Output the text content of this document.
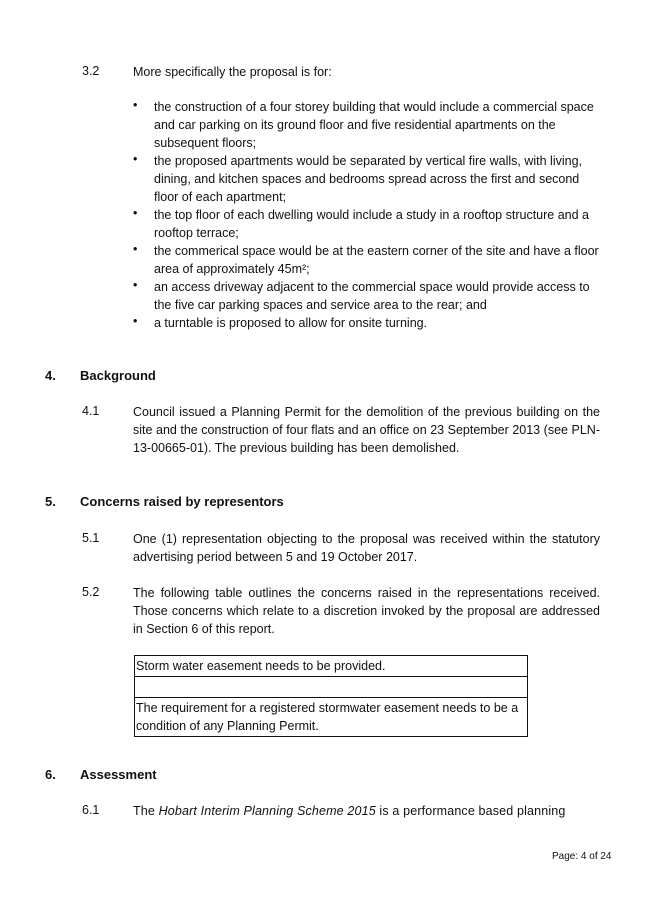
3.2	More specifically the proposal is for:
• the construction of a four storey building that would include a commercial space and car parking on its ground floor and five residential apartments on the subsequent floors;
• the proposed apartments would be separated by vertical fire walls, with living, dining, and kitchen spaces and bedrooms spread across the first and second floor of each apartment;
• the top floor of each dwelling would include a study in a rooftop structure and a rooftop terrace;
• the commerical space would be at the eastern corner of the site and have a floor area of approximately 45m²;
• an access driveway adjacent to the commercial space would provide access to the five car parking spaces and service area to the rear; and
• a turntable is proposed to allow for onsite turning.
4. Background
4.1	Council issued a Planning Permit for the demolition of the previous building on the site and the construction of four flats and an office on 23 September 2013 (see PLN-13-00665-01). The previous building has been demolished.
5. Concerns raised by representors
5.1	One (1) representation objecting to the proposal was received within the statutory advertising period between 5 and 19 October 2017.
5.2	The following table outlines the concerns raised in the representations received. Those concerns which relate to a discretion invoked by the proposal are addressed in Section 6 of this report.
Storm water easement needs to be provided.

The requirement for a registered stormwater easement needs to be a condition of any Planning Permit.
6. Assessment
6.1	The Hobart Interim Planning Scheme 2015 is a performance based planning
Page: 4 of 24
